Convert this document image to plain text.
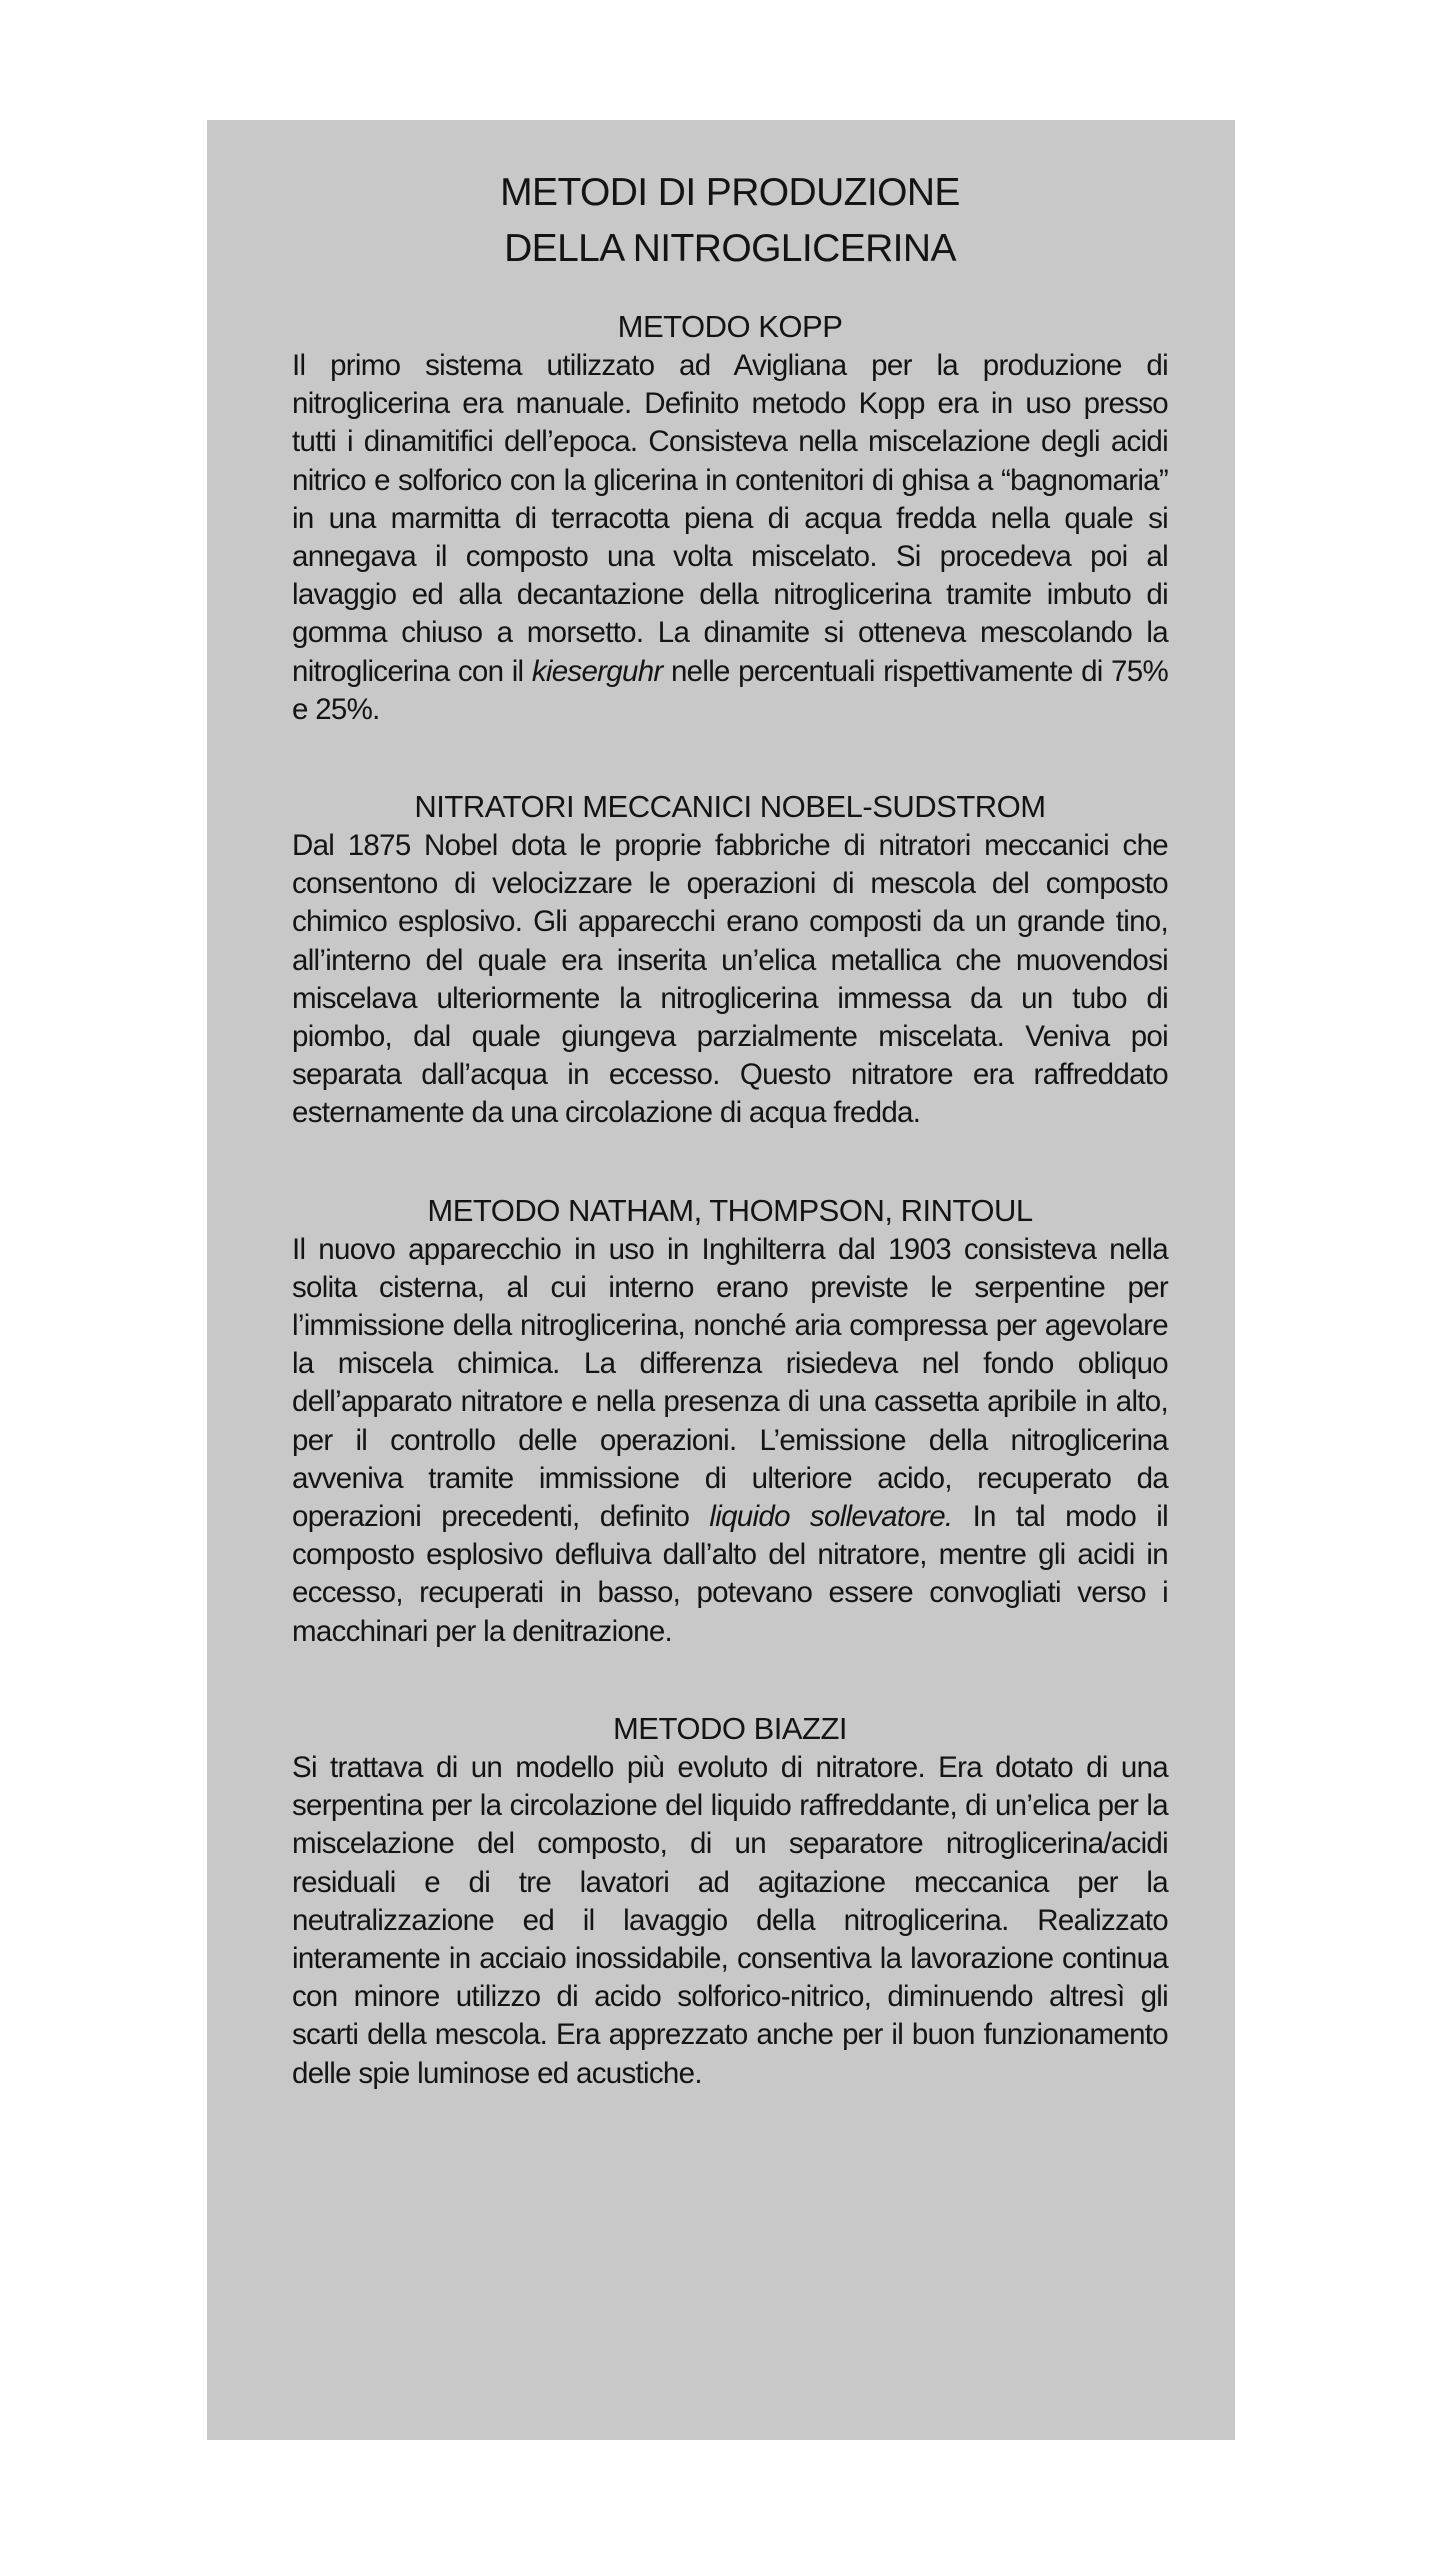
METODI DI PRODUZIONE
DELLA NITROGLICERINA
METODO KOPP

Il primo sistema utilizzato ad Avigliana per la produzione di nitroglicerina era manuale. Definito metodo Kopp era in uso presso tutti i dinamitifici dell’epoca. Consisteva nella miscelazione degli acidi nitrico e solforico con la glicerina in contenitori di ghisa a “bagnomaria” in una marmitta di terracotta piena di acqua fredda nella quale si annegava il composto una volta miscelato. Si procedeva poi al lavaggio ed alla decantazione della nitroglicerina tramite imbuto di gomma chiuso a morsetto. La dinamite si otteneva mescolando la nitroglicerina con il kieserguhr nelle percentuali rispettivamente di 75% e 25%.

NITRATORI MECCANICI NOBEL-SUDSTROM

Dal 1875 Nobel dota le proprie fabbriche di nitratori meccanici che consentono di velocizzare le operazioni di mescola del composto chimico esplosivo. Gli apparecchi erano composti da un grande tino, all’interno del quale era inserita un’elica metallica che muovendosi miscelava ulteriormente la nitroglicerina immessa da un tubo di piombo, dal quale giungeva parzialmente miscelata. Veniva poi separata dall’acqua in eccesso. Questo nitratore era raffreddato esternamente da una circolazione di acqua fredda.

METODO NATHAM, THOMPSON, RINTOUL

Il nuovo apparecchio in uso in Inghilterra dal 1903 consisteva nella solita cisterna, al cui interno erano previste le serpentine per l’immissione della nitroglicerina, nonché aria compressa per agevolare la miscela chimica. La differenza risiedeva nel fondo obliquo dell’apparato nitratore e nella presenza di una cassetta apribile in alto, per il controllo delle operazioni. L’emissione della nitroglicerina avveniva tramite immissione di ulteriore acido, recuperato da operazioni precedenti, definito liquido sollevatore. In tal modo il composto esplosivo defluiva dall’alto del nitratore, mentre gli acidi in eccesso, recuperati in basso, potevano essere convogliati verso i macchinari per la denitrazione.

METODO BIAZZI

Si trattava di un modello più evoluto di nitratore. Era dotato di una serpentina per la circolazione del liquido raffreddante, di un’elica per la miscelazione del composto, di un separatore nitroglicerina/acidi residuali e di tre lavatori ad agitazione meccanica per la neutralizzazione ed il lavaggio della nitroglicerina. Realizzato interamente in acciaio inossidabile, consentiva la lavorazione continua con minore utilizzo di acido solforico-nitrico, diminuendo altresì gli scarti della mescola. Era apprezzato anche per il buon funzionamento delle spie luminose ed acustiche.
